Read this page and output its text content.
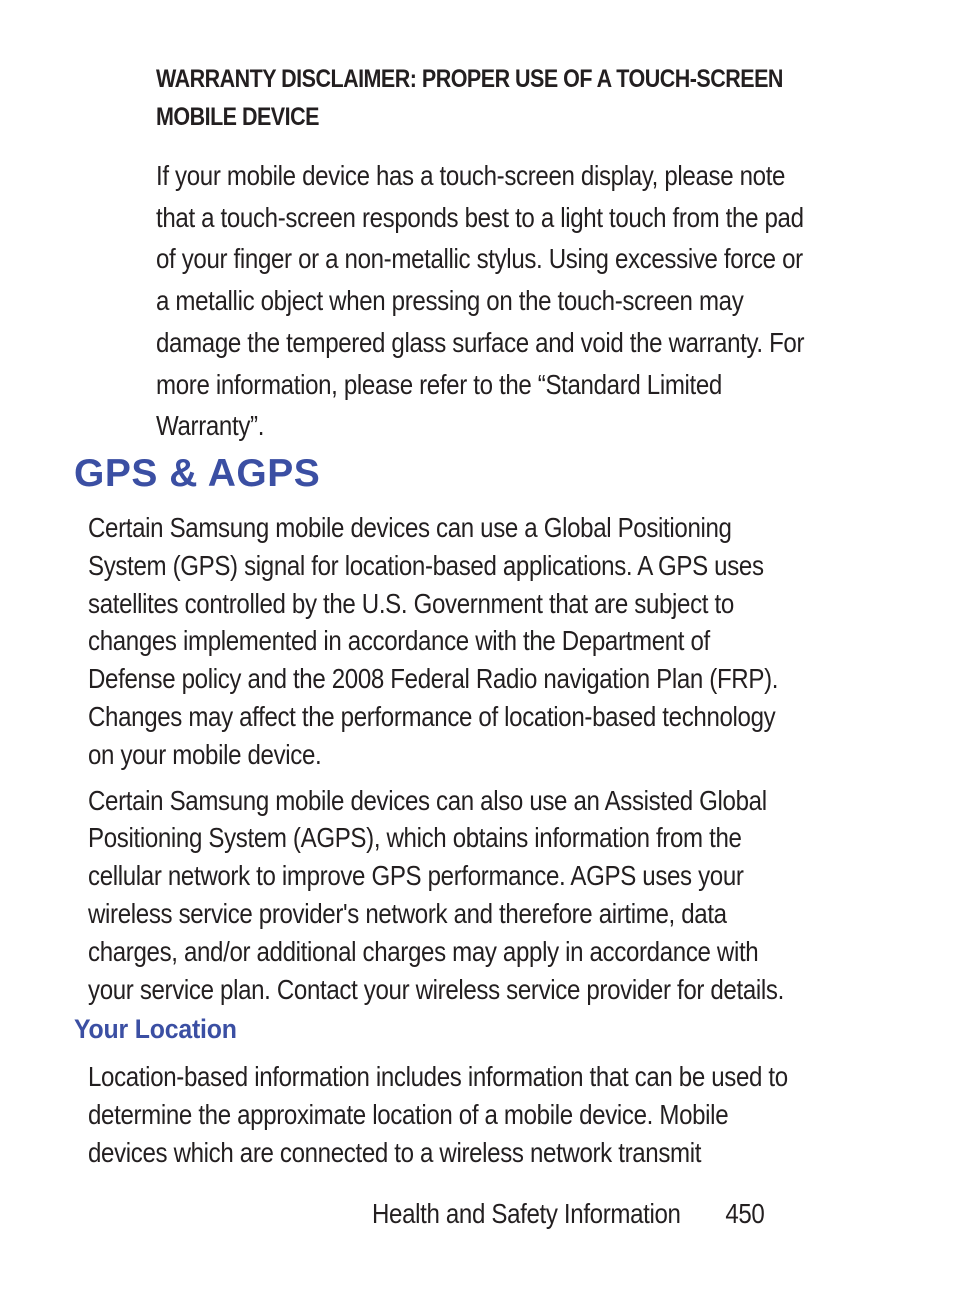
WARRANTY DISCLAIMER: PROPER USE OF A TOUCH-SCREEN
MOBILE DEVICE
If your mobile device has a touch-screen display, please note
that a touch-screen responds best to a light touch from the pad
of your finger or a non-metallic stylus. Using excessive force or
a metallic object when pressing on the touch-screen may
damage the tempered glass surface and void the warranty. For
more information, please refer to the “Standard Limited
Warranty”.
GPS & AGPS
Certain Samsung mobile devices can use a Global Positioning
System (GPS) signal for location-based applications. A GPS uses
satellites controlled by the U.S. Government that are subject to
changes implemented in accordance with the Department of
Defense policy and the 2008 Federal Radio navigation Plan (FRP).
Changes may affect the performance of location-based technology
on your mobile device.
Certain Samsung mobile devices can also use an Assisted Global
Positioning System (AGPS), which obtains information from the
cellular network to improve GPS performance. AGPS uses your
wireless service provider's network and therefore airtime, data
charges, and/or additional charges may apply in accordance with
your service plan. Contact your wireless service provider for details.
Your Location
Location-based information includes information that can be used to
determine the approximate location of a mobile device. Mobile
devices which are connected to a wireless network transmit
Health and Safety Information 450
